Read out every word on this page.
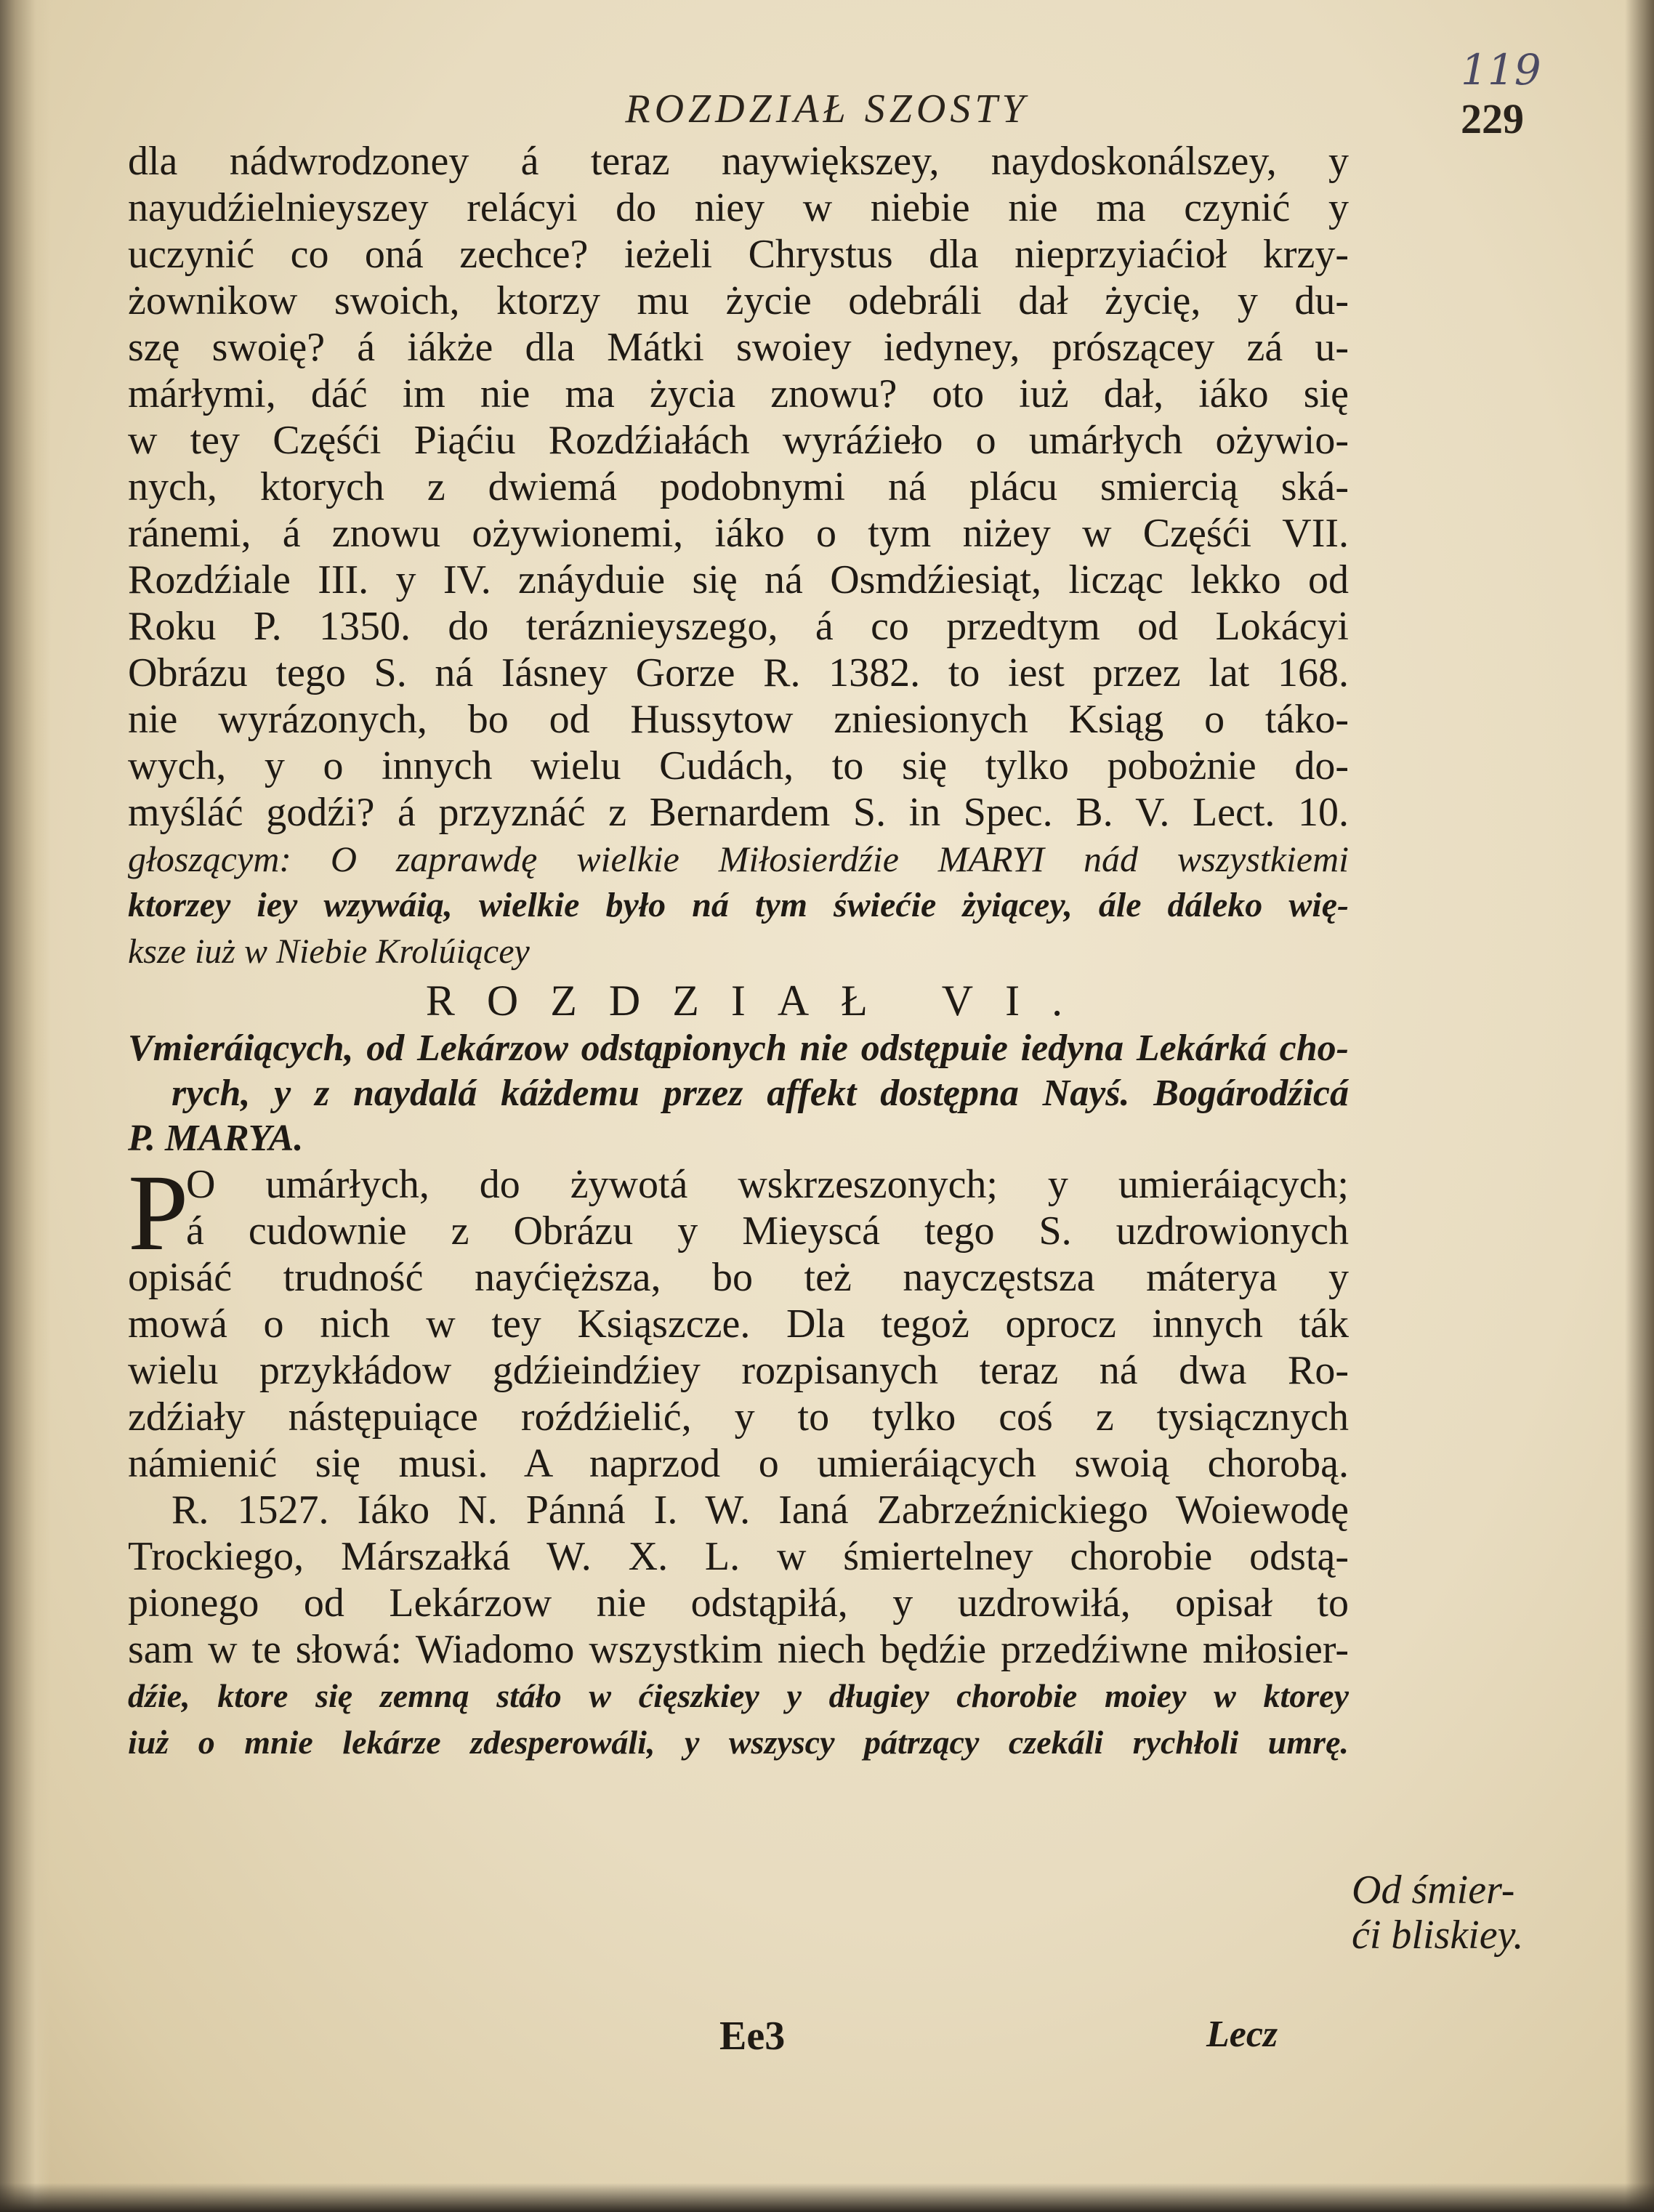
119
ROZDZIAŁ SZOSTY	229
dla nádwrodzoney á teraz naywiększey, naydoskonálszey, y
nayudźielnieyszey relácyi do niey w niebie nie ma czynić y
uczynić co oná zechce? ieżeli Chrystus dla nieprzyiaćioł krzy-
żownikow swoich, ktorzy mu życie odebráli dał życię, y du-
szę swoię? á iákże dla Mátki swoiey iedyney, prószącey zá u-
márłymi, dáć im nie ma życia znowu? oto iuż dał, iáko się
w tey Częśći Piąćiu Rozdźiałách wyráźieło o umárłych ożywio-
nych, ktorych z dwiemá podobnymi ná plácu smiercią ská-
ránemi, á znowu ożywionemi, iáko o tym niżey w Częśći VII.
Rozdźiale III. y IV. znáyduie się ná Osmdźiesiąt, licząc lekko od
Roku P. 1350. do teráznieyszego, á co przedtym od Lokácyi
Obrázu tego S. ná Iásney Gorze R. 1382. to iest przez lat 168.
nie wyrázonych, bo od Hussytow zniesionych Ksiąg o táko-
wych, y o innych wielu Cudách, to się tylko pobożnie do-
myśláć godźi? á przyznáć z Bernardem S. in Spec. B. V. Lect. 10.
głoszącym: O zaprawdę wielkie Miłosierdźie MARYI nád wszystkiemi
ktorzey iey wzywáią, wielkie było ná tym świećie żyiącey, ále dáleko wię-
ksze iuż w Niebie Krolúiącey
ROZDZIAŁ VI.
Vmieráiących, od Lekárzow odstąpionych nie odstępuie iedyna Lekárká cho-
rych, y z naydalá káżdemu przez affekt dostępna Nayś. Bogárodźicá
P. MARYA.
P
O umárłych, do żywotá wskrzeszonych; y umieráiących;
á cudownie z Obrázu y Mieyscá tego S. uzdrowionych
opisáć trudność nayćięższa, bo też nayczęstsza máterya y
mowá o nich w tey Ksiąszcze. Dla tegoż oprocz innych ták
wielu przykłádow gdźieindźiey rozpisanych teraz ná dwa Ro-
zdźiały nástępuiące roźdźielić, y to tylko coś z tysiącznych
námienić się musi. A naprzod o umieráiących swoią chorobą.
R. 1527. Iáko N. Pánná I. W. Ianá Zabrzeźnickiego Woiewodę
Trockiego, Márszałká W. X. L. w śmiertelney chorobie odstą-
pionego od Lekárzow nie odstąpiłá, y uzdrowiłá, opisał to
sam w te słowá: Wiadomo wszystkim niech będźie przedźiwne miłosier-
dźie, ktore się zemną stáło w ćięszkiey y długiey chorobie moiey w ktorey
iuż o mnie lekárze zdesperowáli, y wszyscy pátrzący czekáli rychłoli umrę.
Od śmier-
ći bliskiey.
Ee3	Lecz
